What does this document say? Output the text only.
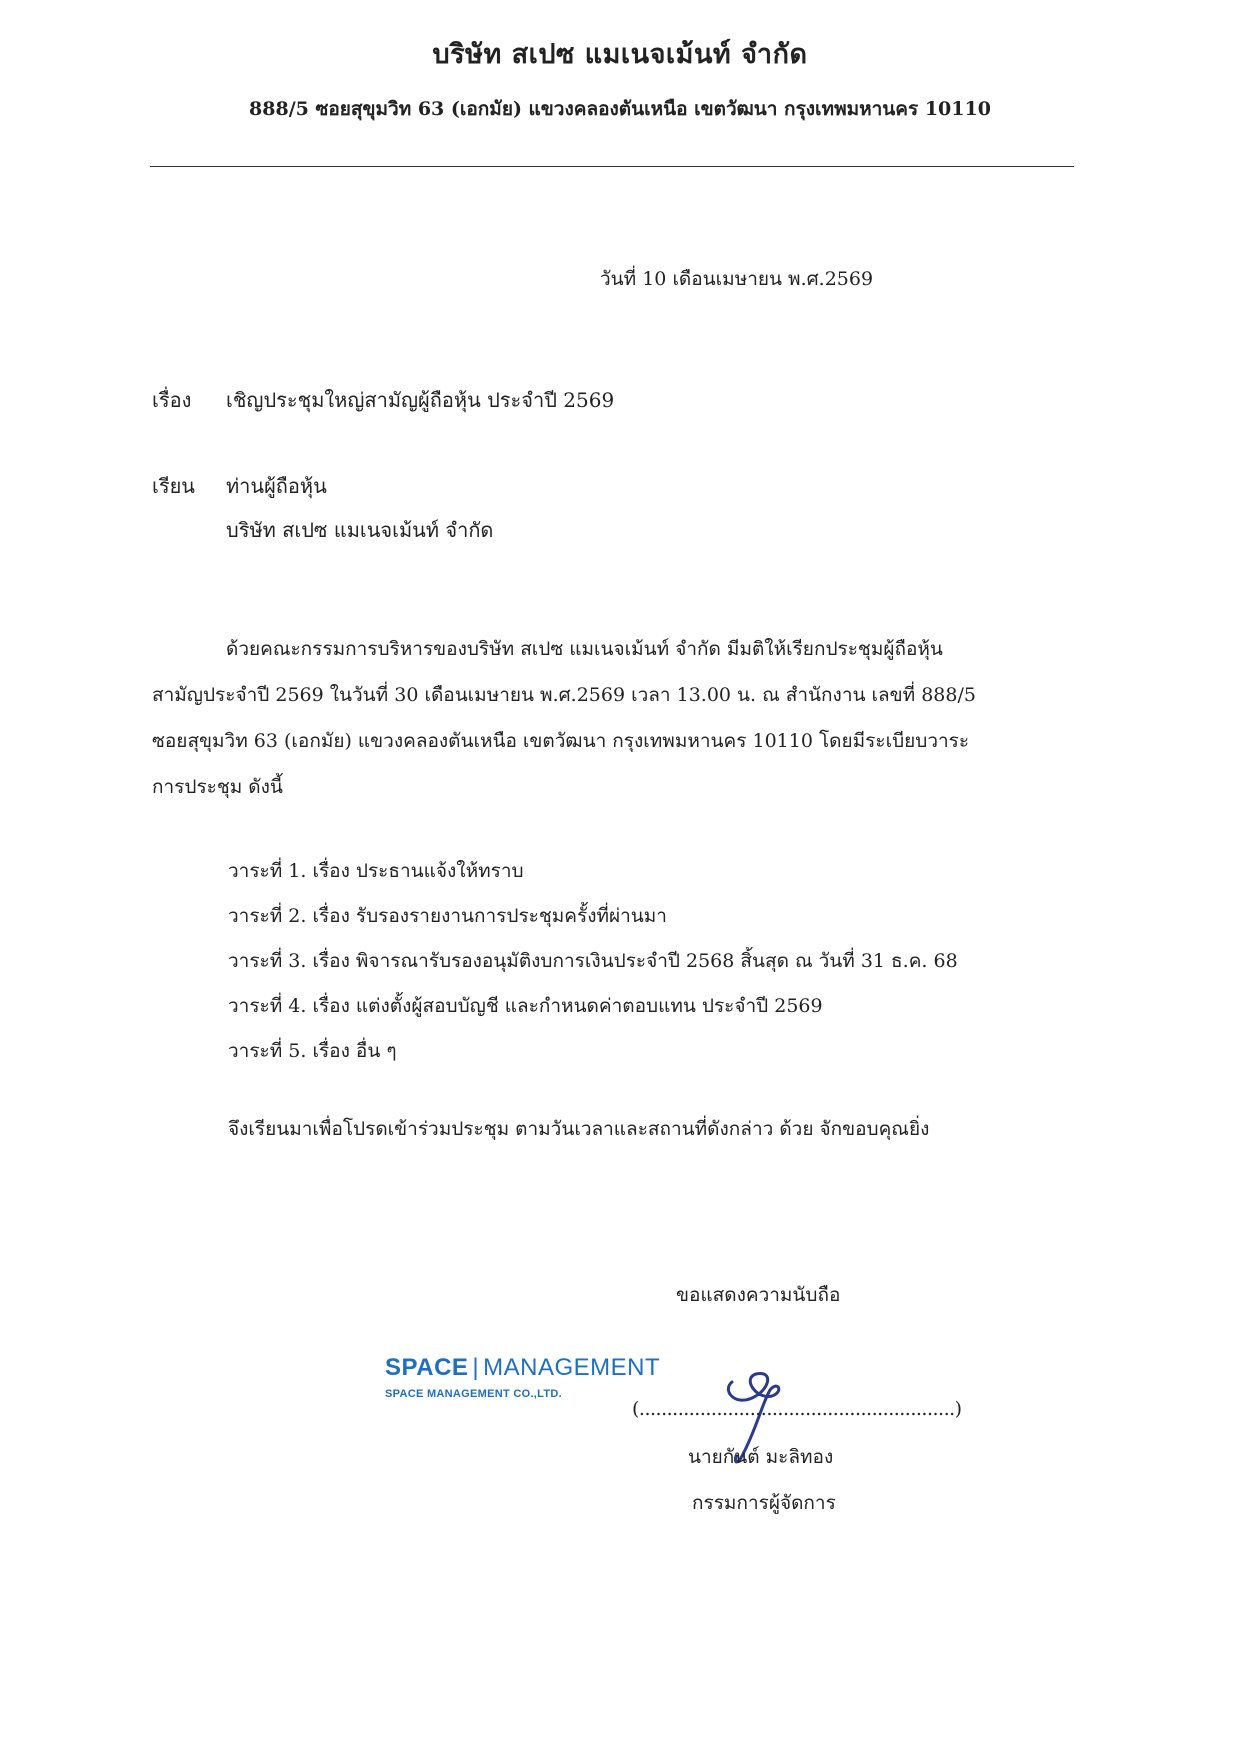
บริษัท สเปซ แมเนจเม้นท์ จำกัด
888/5 ซอยสุขุมวิท 63 (เอกมัย) แขวงคลองตันเหนือ เขตวัฒนา กรุงเทพมหานคร 10110
วันที่ 10 เดือนเมษายน พ.ศ.2569
เรื่อง เชิญประชุมใหญ่สามัญผู้ถือหุ้น ประจำปี 2569
เรียน ท่านผู้ถือหุ้น
บริษัท สเปซ แมเนจเม้นท์ จำกัด
ด้วยคณะกรรมการบริหารของบริษัท สเปซ แมเนจเม้นท์ จำกัด มีมติให้เรียกประชุมผู้ถือหุ้น
สามัญประจำปี 2569 ในวันที่ 30 เดือนเมษายน พ.ศ.2569 เวลา 13.00 น. ณ สำนักงาน เลขที่ 888/5
ซอยสุขุมวิท 63 (เอกมัย) แขวงคลองตันเหนือ เขตวัฒนา กรุงเทพมหานคร 10110 โดยมีระเบียบวาระ
การประชุม ดังนี้
วาระที่ 1. เรื่อง ประธานแจ้งให้ทราบ
วาระที่ 2. เรื่อง รับรองรายงานการประชุมครั้งที่ผ่านมา
วาระที่ 3. เรื่อง พิจารณารับรองอนุมัติงบการเงินประจำปี 2568 สิ้นสุด ณ วันที่ 31 ธ.ค. 68
วาระที่ 4. เรื่อง แต่งตั้งผู้สอบบัญชี และกำหนดค่าตอบแทน ประจำปี 2569
วาระที่ 5. เรื่อง อื่น ๆ
จึงเรียนมาเพื่อโปรดเข้าร่วมประชุม ตามวันเวลาและสถานที่ดังกล่าว ด้วย จักขอบคุณยิ่ง
ขอแสดงความนับถือ
SPACE | MANAGEMENT
SPACE MANAGEMENT CO.,LTD.
(.........................................................)
นายกันต์ มะลิทอง
กรรมการผู้จัดการ
